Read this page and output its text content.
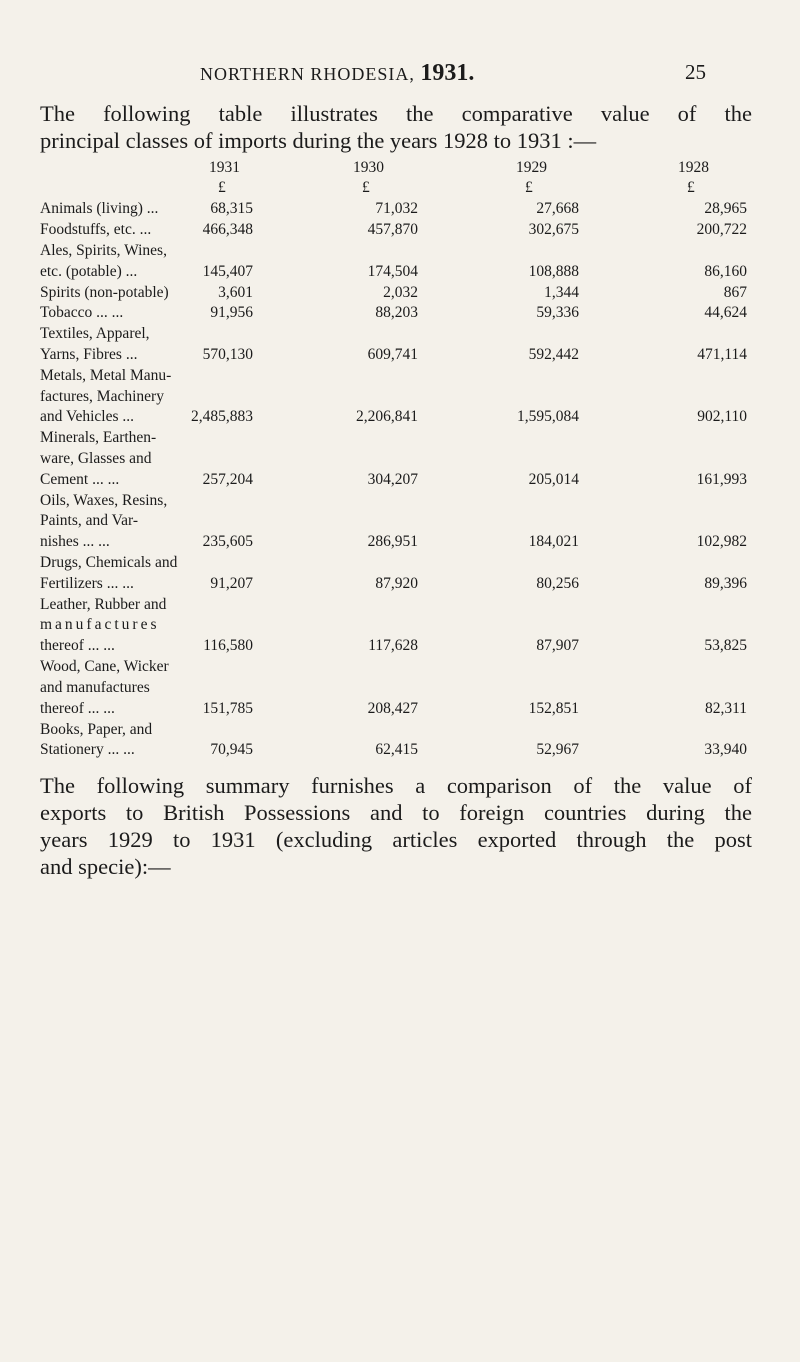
NORTHERN RHODESIA, 1931.	25
The following table illustrates the comparative value of the
principal classes of imports during the years 1928 to 1931 :—
1931	1930	1929	1928
£	£	£	£
Animals (living) ...	68,315	71,032	27,668	28,965
Foodstuffs, etc. ...	466,348	457,870	302,675	200,722
Ales, Spirits, Wines,
etc. (potable) ...	145,407	174,504	108,888	86,160
Spirits (non-potable)	3,601	2,032	1,344	867
Tobacco ... ...	91,956	88,203	59,336	44,624
Textiles, Apparel,
Yarns, Fibres ...	570,130	609,741	592,442	471,114
Metals, Metal Manu-
factures, Machinery
and Vehicles ...	2,485,883	2,206,841	1,595,084	902,110
Minerals, Earthen-
ware, Glasses and
Cement ... ...	257,204	304,207	205,014	161,993
Oils, Waxes, Resins,
Paints, and Var-
nishes ... ...	235,605	286,951	184,021	102,982
Drugs, Chemicals and
Fertilizers ... ...	91,207	87,920	80,256	89,396
Leather, Rubber and
manufactures
thereof ... ...	116,580	117,628	87,907	53,825
Wood, Cane, Wicker
and manufactures
thereof ... ...	151,785	208,427	152,851	82,311
Books, Paper, and
Stationery ... ...	70,945	62,415	52,967	33,940
The following summary furnishes a comparison of the value of
exports to British Possessions and to foreign countries during the
years 1929 to 1931 (excluding articles exported through the post
and specie):—
